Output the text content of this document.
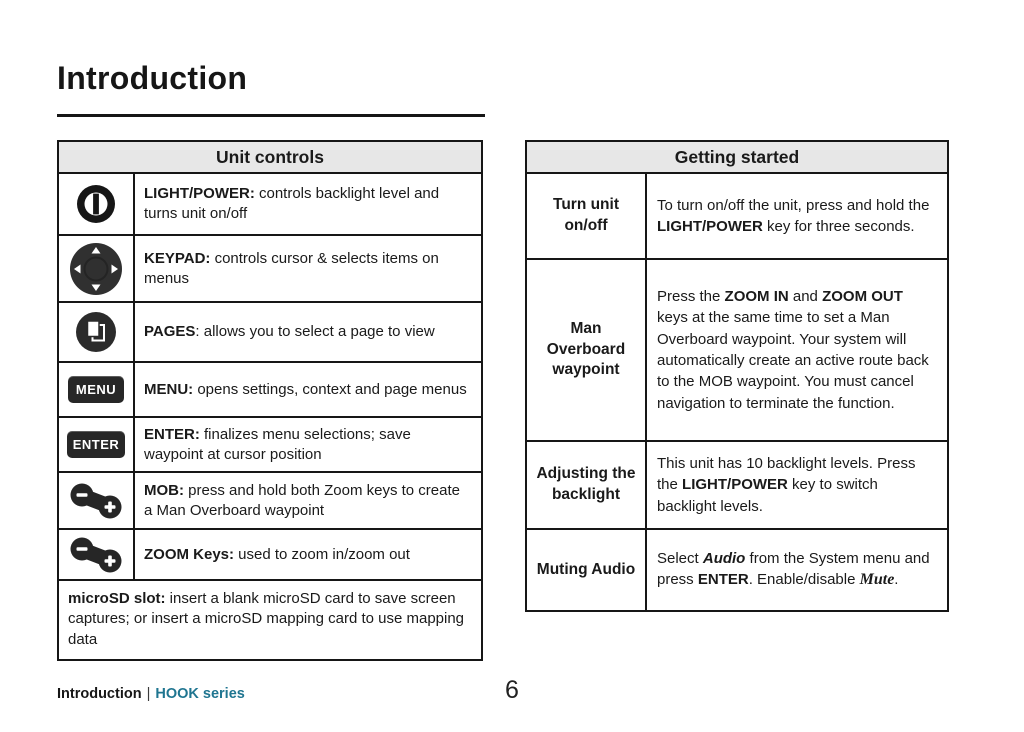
Introduction
Unit controls
LIGHT/POWER: controls backlight level and turns unit on/off
KEYPAD: controls cursor & selects items on menus
PAGES: allows you to select a page to view
MENU	MENU: opens settings, context and page menus
ENTER
ENTER: finalizes menu selections; save waypoint at cursor position
MOB: press and hold both Zoom keys to create a Man Overboard waypoint
ZOOM Keys: used to zoom in/zoom out
microSD slot: insert a blank microSD card to save screen captures; or insert a microSD mapping card to use mapping data
Getting started
Turn unit on/off
To turn on/off the unit, press and hold the LIGHT/POWER key for three seconds.
Man Overboard waypoint
Press the ZOOM IN and ZOOM OUT keys at the same time to set a Man Overboard waypoint. Your system will automatically create an active route back to the MOB waypoint. You must cancel navigation to terminate the function.
Adjusting the backlight
This unit has 10 backlight levels. Press the LIGHT/POWER key to switch backlight levels.
Muting Audio
Select Audio from the System menu and press ENTER. Enable/disable Mute.
Introduction | HOOK series	6
